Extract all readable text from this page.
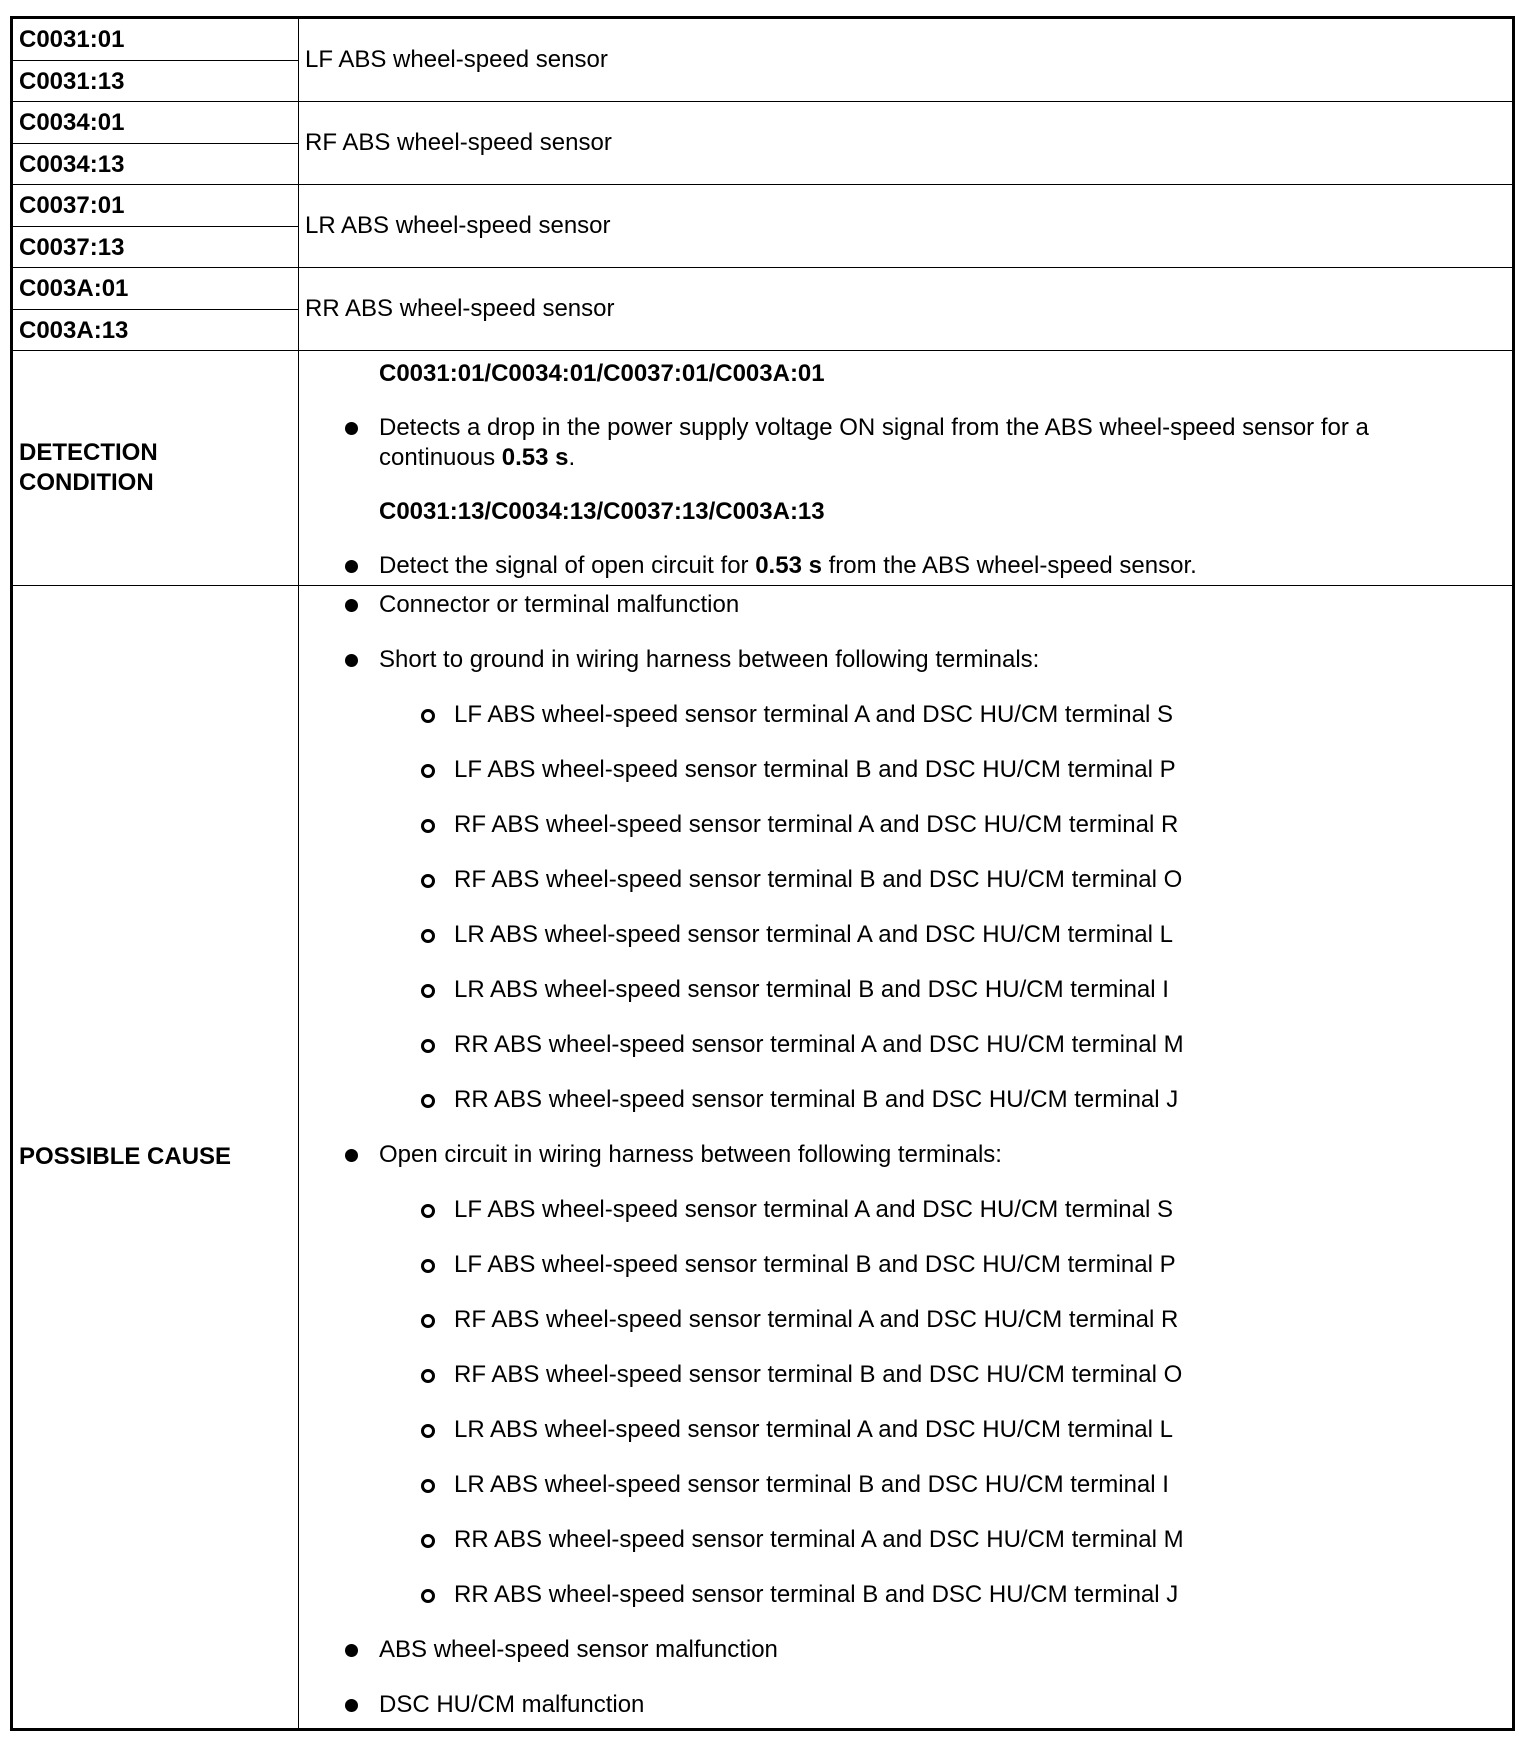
C0031:01
C0031:13
LF ABS wheel-speed sensor
C0034:01
C0034:13
RF ABS wheel-speed sensor
C0037:01
C0037:13
LR ABS wheel-speed sensor
C003A:01
C003A:13
RR ABS wheel-speed sensor
DETECTION CONDITION
C0031:01/C0034:01/C0037:01/C003A:01
Detects a drop in the power supply voltage ON signal from the ABS wheel-speed sensor for a continuous 0.53 s.
C0031:13/C0034:13/C0037:13/C003A:13
Detect the signal of open circuit for 0.53 s from the ABS wheel-speed sensor.
POSSIBLE CAUSE
Connector or terminal malfunction
Short to ground in wiring harness between following terminals:
LF ABS wheel-speed sensor terminal A and DSC HU/CM terminal S
LF ABS wheel-speed sensor terminal B and DSC HU/CM terminal P
RF ABS wheel-speed sensor terminal A and DSC HU/CM terminal R
RF ABS wheel-speed sensor terminal B and DSC HU/CM terminal O
LR ABS wheel-speed sensor terminal A and DSC HU/CM terminal L
LR ABS wheel-speed sensor terminal B and DSC HU/CM terminal I
RR ABS wheel-speed sensor terminal A and DSC HU/CM terminal M
RR ABS wheel-speed sensor terminal B and DSC HU/CM terminal J
Open circuit in wiring harness between following terminals:
LF ABS wheel-speed sensor terminal A and DSC HU/CM terminal S
LF ABS wheel-speed sensor terminal B and DSC HU/CM terminal P
RF ABS wheel-speed sensor terminal A and DSC HU/CM terminal R
RF ABS wheel-speed sensor terminal B and DSC HU/CM terminal O
LR ABS wheel-speed sensor terminal A and DSC HU/CM terminal L
LR ABS wheel-speed sensor terminal B and DSC HU/CM terminal I
RR ABS wheel-speed sensor terminal A and DSC HU/CM terminal M
RR ABS wheel-speed sensor terminal B and DSC HU/CM terminal J
ABS wheel-speed sensor malfunction
DSC HU/CM malfunction
